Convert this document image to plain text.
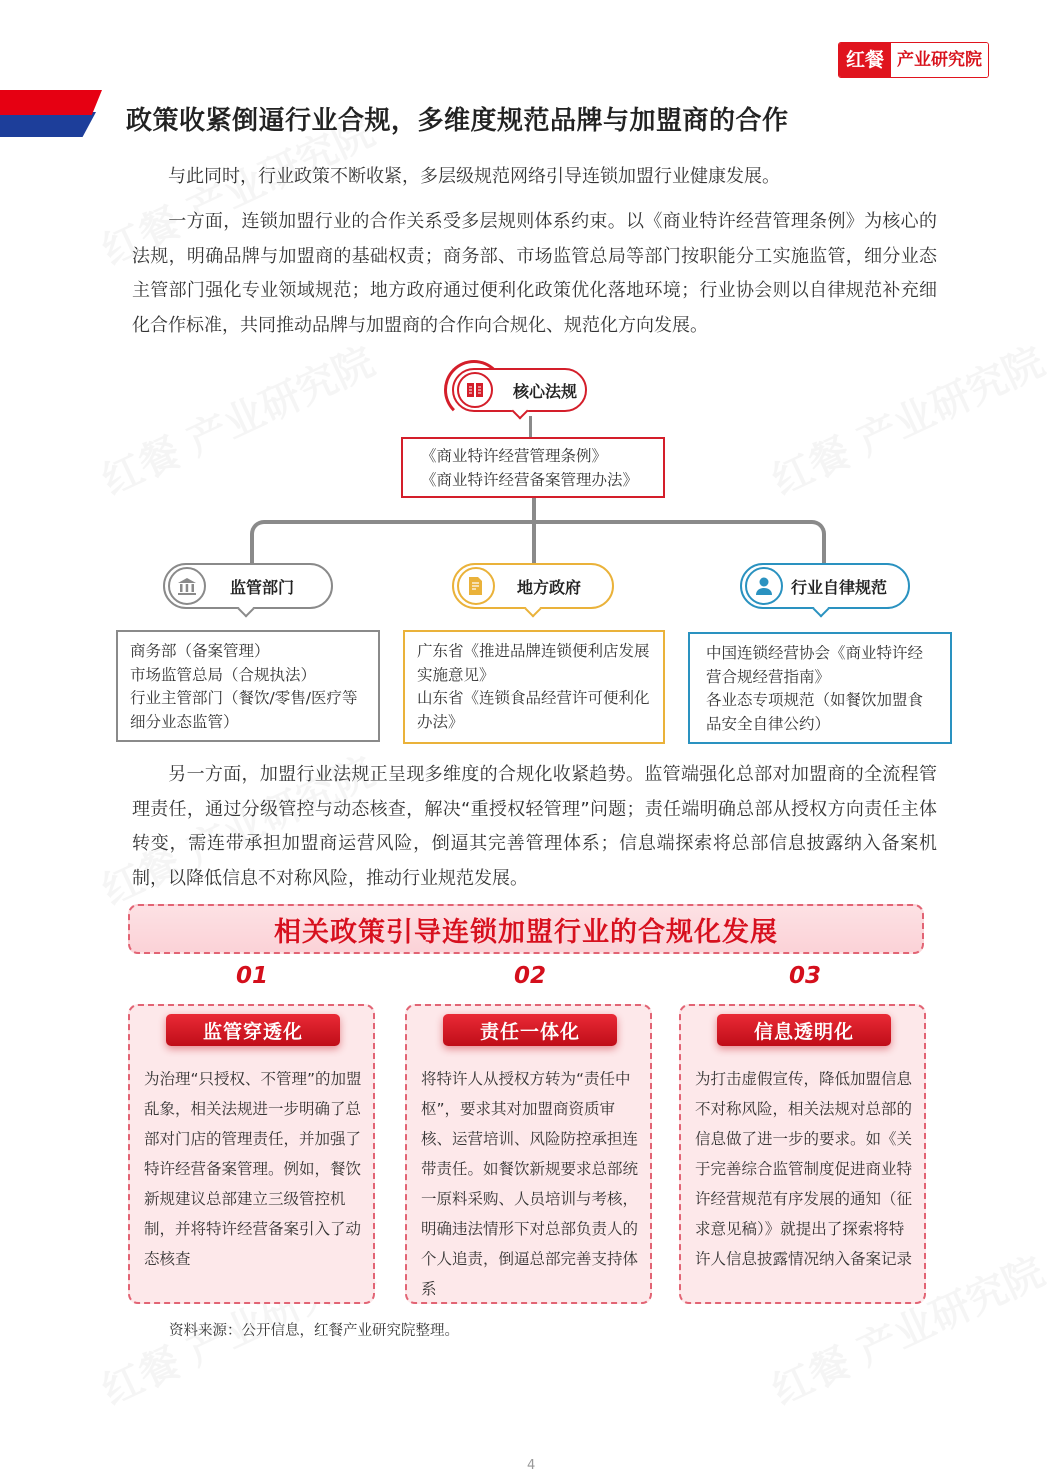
红餐 产业研究院
政策收紧倒逼行业合规，多维度规范品牌与加盟商的合作
与此同时，行业政策不断收紧，多层级规范网络引导连锁加盟行业健康发展。
一方面，连锁加盟行业的合作关系受多层规则体系约束。以《商业特许经营管理条例》为核心的法规，明确品牌与加盟商的基础权责；商务部、市场监管总局等部门按职能分工实施监管，细分业态主管部门强化专业领域规范；地方政府通过便利化政策优化落地环境；行业协会则以自律规范补充细化合作标准，共同推动品牌与加盟商的合作向合规化、规范化方向发展。
核心法规
《商业特许经营管理条例》
《商业特许经营备案管理办法》
监管部门
商务部（备案管理）
市场监管总局（合规执法）
行业主管部门（餐饮/零售/医疗等细分业态监管）
地方政府
广东省《推进品牌连锁便利店发展实施意见》
山东省《连锁食品经营许可便利化办法》
行业自律规范
中国连锁经营协会《商业特许经营合规经营指南》
各业态专项规范（如餐饮加盟食品安全自律公约）
另一方面，加盟行业法规正呈现多维度的合规化收紧趋势。监管端强化总部对加盟商的全流程管理责任，通过分级管控与动态核查，解决“重授权轻管理”问题；责任端明确总部从授权方向责任主体转变，需连带承担加盟商运营风险，倒逼其完善管理体系；信息端探索将总部信息披露纳入备案机制，以降低信息不对称风险，推动行业规范发展。
相关政策引导连锁加盟行业的合规化发展
01	02	03
监管穿透化
为治理“只授权、不管理”的加盟乱象，相关法规进一步明确了总部对门店的管理责任，并加强了特许经营备案管理。例如，餐饮新规建议总部建立三级管控机制，并将特许经营备案引入了动态核查
责任一体化
将特许人从授权方转为“责任中枢”，要求其对加盟商资质审核、运营培训、风险防控承担连带责任。如餐饮新规要求总部统一原料采购、人员培训与考核，明确违法情形下对总部负责人的个人追责，倒逼总部完善支持体系
信息透明化
为打击虚假宣传，降低加盟信息不对称风险，相关法规对总部的信息做了进一步的要求。如《关于完善综合监管制度促进商业特许经营规范有序发展的通知（征求意见稿）》就提出了探索将特许人信息披露情况纳入备案记录
资料来源：公开信息，红餐产业研究院整理。
4
